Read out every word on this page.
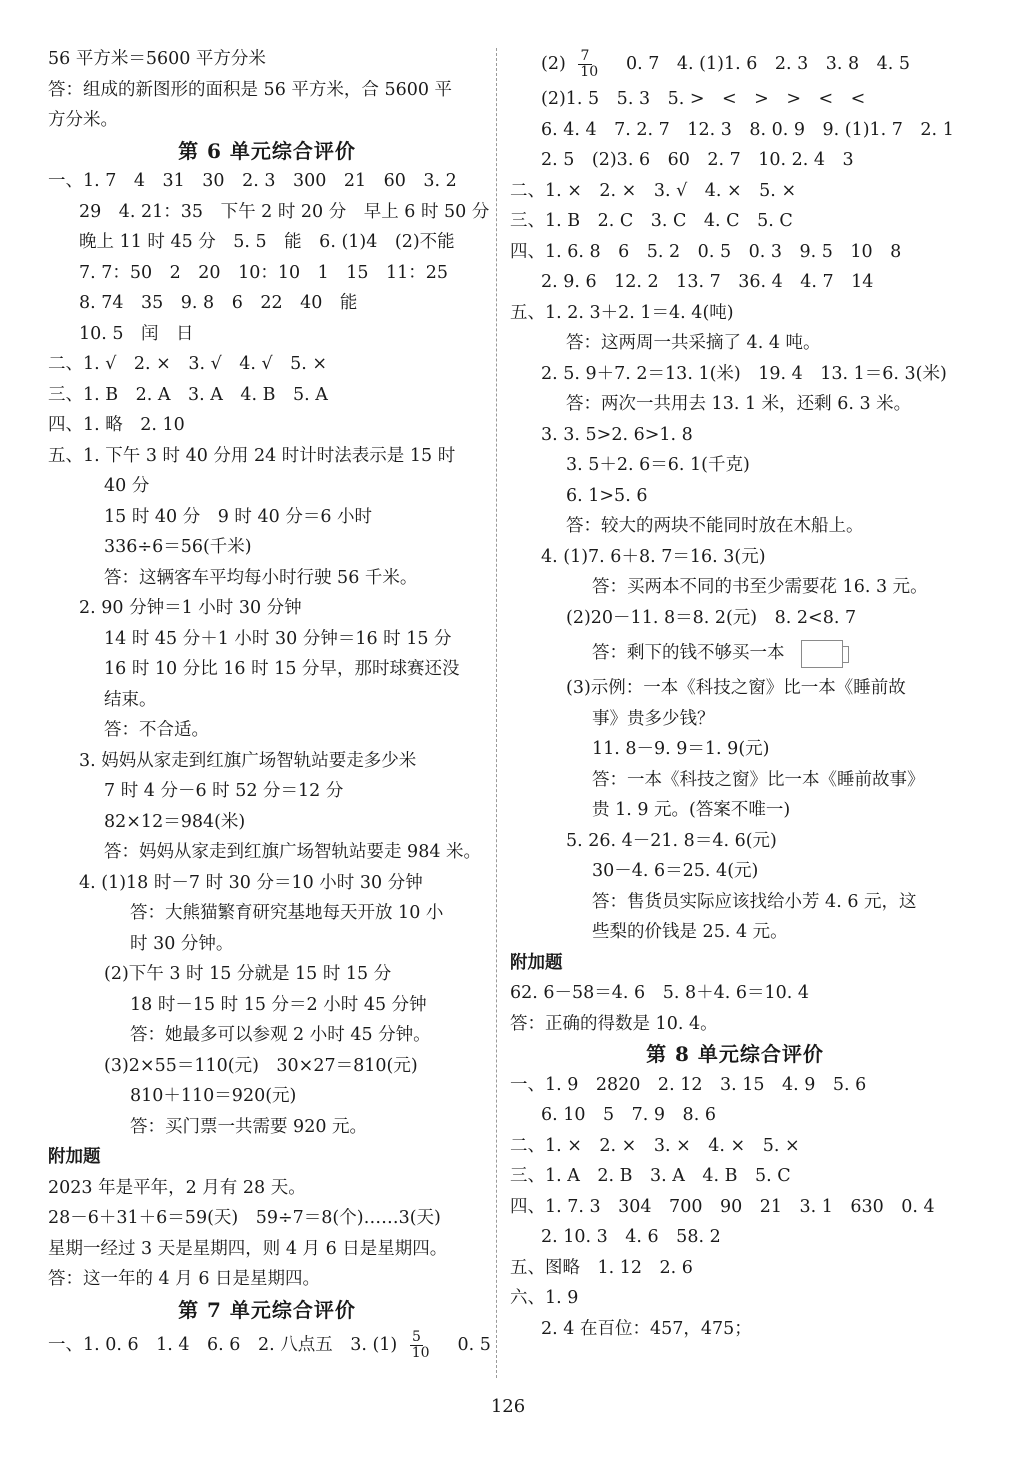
56 平方米＝5600 平方分米
答：组成的新图形的面积是 56 平方米，合 5600 平
方分米。
第 6 单元综合评价
一、1. 7　4　31　30　2. 3　300　21　60　3. 2
29　4. 21：35　下午 2 时 20 分　早上 6 时 50 分
晚上 11 时 45 分　5. 5　能　6. (1)4　(2)不能
7. 7：50　2　20　10：10　1　15　11：25
8. 74　35　9. 8　6　22　40　能
10. 5　闰　日
二、1. √　2. ×　3. √　4. √　5. ×
三、1. B　2. A　3. A　4. B　5. A
四、1. 略　2. 10
五、1. 下午 3 时 40 分用 24 时计时法表示是 15 时
40 分
15 时 40 分　9 时 40 分＝6 小时
336÷6＝56(千米)
答：这辆客车平均每小时行驶 56 千米。
2. 90 分钟＝1 小时 30 分钟
14 时 45 分＋1 小时 30 分钟＝16 时 15 分
16 时 10 分比 16 时 15 分早，那时球赛还没
结束。
答：不合适。
3. 妈妈从家走到红旗广场智轨站要走多少米
7 时 4 分－6 时 52 分＝12 分
82×12＝984(米)
答：妈妈从家走到红旗广场智轨站要走 984 米。
4. (1)18 时－7 时 30 分＝10 小时 30 分钟
答：大熊猫繁育研究基地每天开放 10 小
时 30 分钟。
(2)下午 3 时 15 分就是 15 时 15 分
18 时－15 时 15 分＝2 小时 45 分钟
答：她最多可以参观 2 小时 45 分钟。
(3)2×55＝110(元)　30×27＝810(元)
810＋110＝920(元)
答：买门票一共需要 920 元。
附加题
2023 年是平年，2 月有 28 天。
28－6＋31＋6＝59(天)　59÷7＝8(个)……3(天)
星期一经过 3 天是星期四，则 4 月 6 日是星期四。
答：这一年的 4 月 6 日是星期四。
第 7 单元综合评价
一、1. 0. 6　1. 4　6. 6　2. 八点五　3. $(1) \frac{5}{10}$ 　0. 5
$(2) \frac{7}{10}$ 　0. 7　4. (1)1. 6　2. 3　3. 8　4. 5
(2)1. 5　5. 3　5. >　<　>　>　<　<
6. 4. 4　7. 2. 7　12. 3　8. 0. 9　9. (1)1. 7　2. 1
2. 5　(2)3. 6　60　2. 7　10. 2. 4　3
二、1. ×　2. ×　3. √　4. ×　5. ×
三、1. B　2. C　3. C　4. C　5. C
四、1. 6. 8　6　5. 2　0. 5　0. 3　9. 5　10　8
2. 9. 6　12. 2　13. 7　36. 4　4. 7　14
五、1. 2. 3＋2. 1＝4. 4(吨)
答：这两周一共采摘了 4. 4 吨。
2. 5. 9＋7. 2＝13. 1(米)　19. 4　13. 1＝6. 3(米)
答：两次一共用去 13. 1 米，还剩 6. 3 米。
3. 3. 5>2. 6>1. 8
3. 5＋2. 6＝6. 1(千克)
6. 1>5. 6
答：较大的两块不能同时放在木船上。
4. (1)7. 6＋8. 7＝16. 3(元)
答：买两本不同的书至少需要花 16. 3 元。
(2)20－11. 8＝8. 2(元)　8. 2<8. 7
答：剩下的钱不够买一本
(3)示例：一本《科技之窗》比一本《睡前故
事》贵多少钱？
11. 8－9. 9＝1. 9(元)
答：一本《科技之窗》比一本《睡前故事》
贵 1. 9 元。(答案不唯一)
5. 26. 4－21. 8＝4. 6(元)
30－4. 6＝25. 4(元)
答：售货员实际应该找给小芳 4. 6 元，这
些梨的价钱是 25. 4 元。
附加题
62. 6－58＝4. 6　5. 8＋4. 6＝10. 4
答：正确的得数是 10. 4。
第 8 单元综合评价
一、1. 9　2820　2. 12　3. 15　4. 9　5. 6
6. 10　5　7. 9　8. 6
二、1. ×　2. ×　3. ×　4. ×　5. ×
三、1. A　2. B　3. A　4. B　5. C
四、1. 7. 3　304　700　90　21　3. 1　630　0. 4
2. 10. 3　4. 6　58. 2
五、图略　1. 12　2. 6
六、1. 9
2. 4 在百位：457，475；
126
